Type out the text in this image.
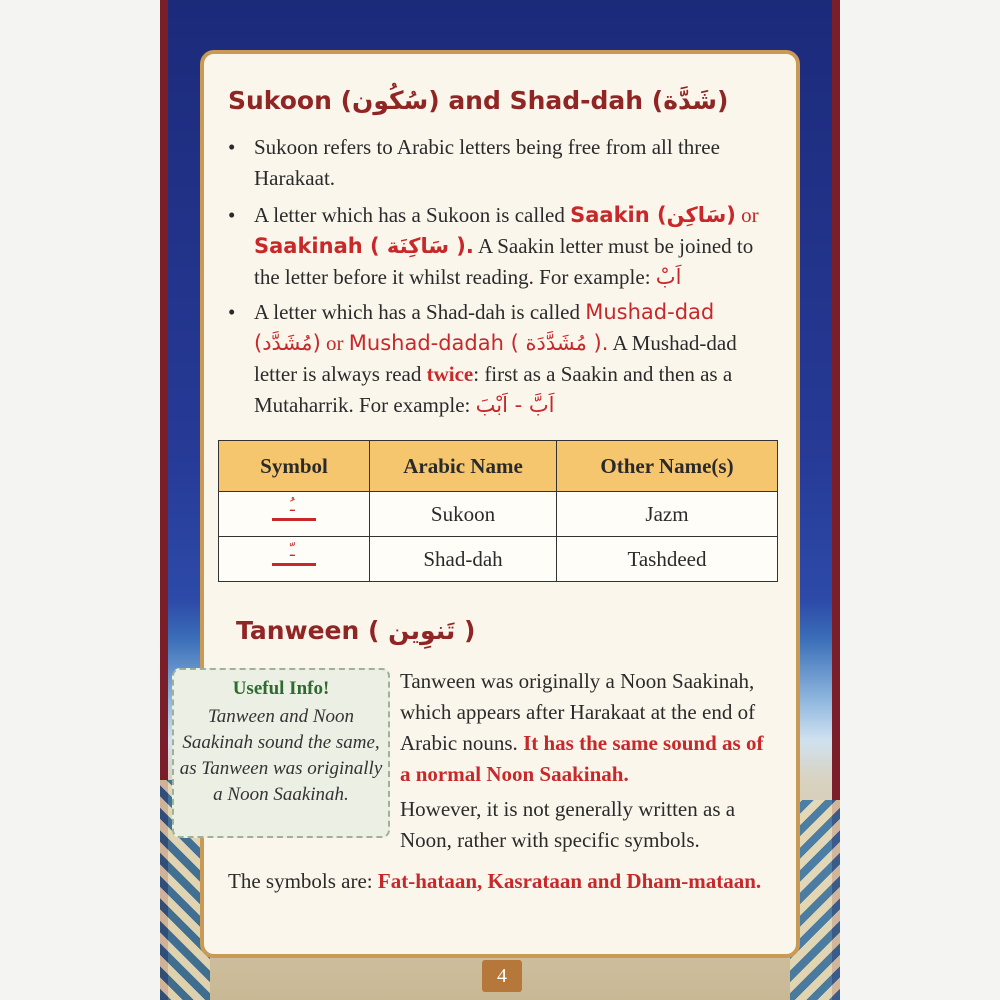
Sukoon (سُكُون) and Shad-dah (شَدَّة)
• Sukoon refers to Arabic letters being free from all three Harakaat.
• A letter which has a Sukoon is called Saakin (سَاكِن) or Saakinah ( سَاكِنَة ). A Saakin letter must be joined to the letter before it whilst reading. For example: اَبْ
• A letter which has a Shad-dah is called Mushad-dad (مُشَدَّد) or Mushad-dadah ( مُشَدَّدَة ). A Mushad-dad letter is always read twice: first as a Saakin and then as a Mutaharrik. For example: اَبَّ - اَبْبَ
Symbol	Arabic Name	Other Name(s)

ـُ	Sukoon	Jazm

ـّ	Shad-dah	Tashdeed
Tanween ( تَنوِين )
Useful Info!
Tanween and Noon Saakinah sound the same, as Tanween was originally a Noon Saakinah.
Tanween was originally a Noon Saakinah, which appears after Harakaat at the end of Arabic nouns. It has the same sound as of a normal Noon Saakinah.
However, it is not generally written as a Noon, rather with specific symbols.
The symbols are: Fat-hataan, Kasrataan and Dham-mataan.
4
